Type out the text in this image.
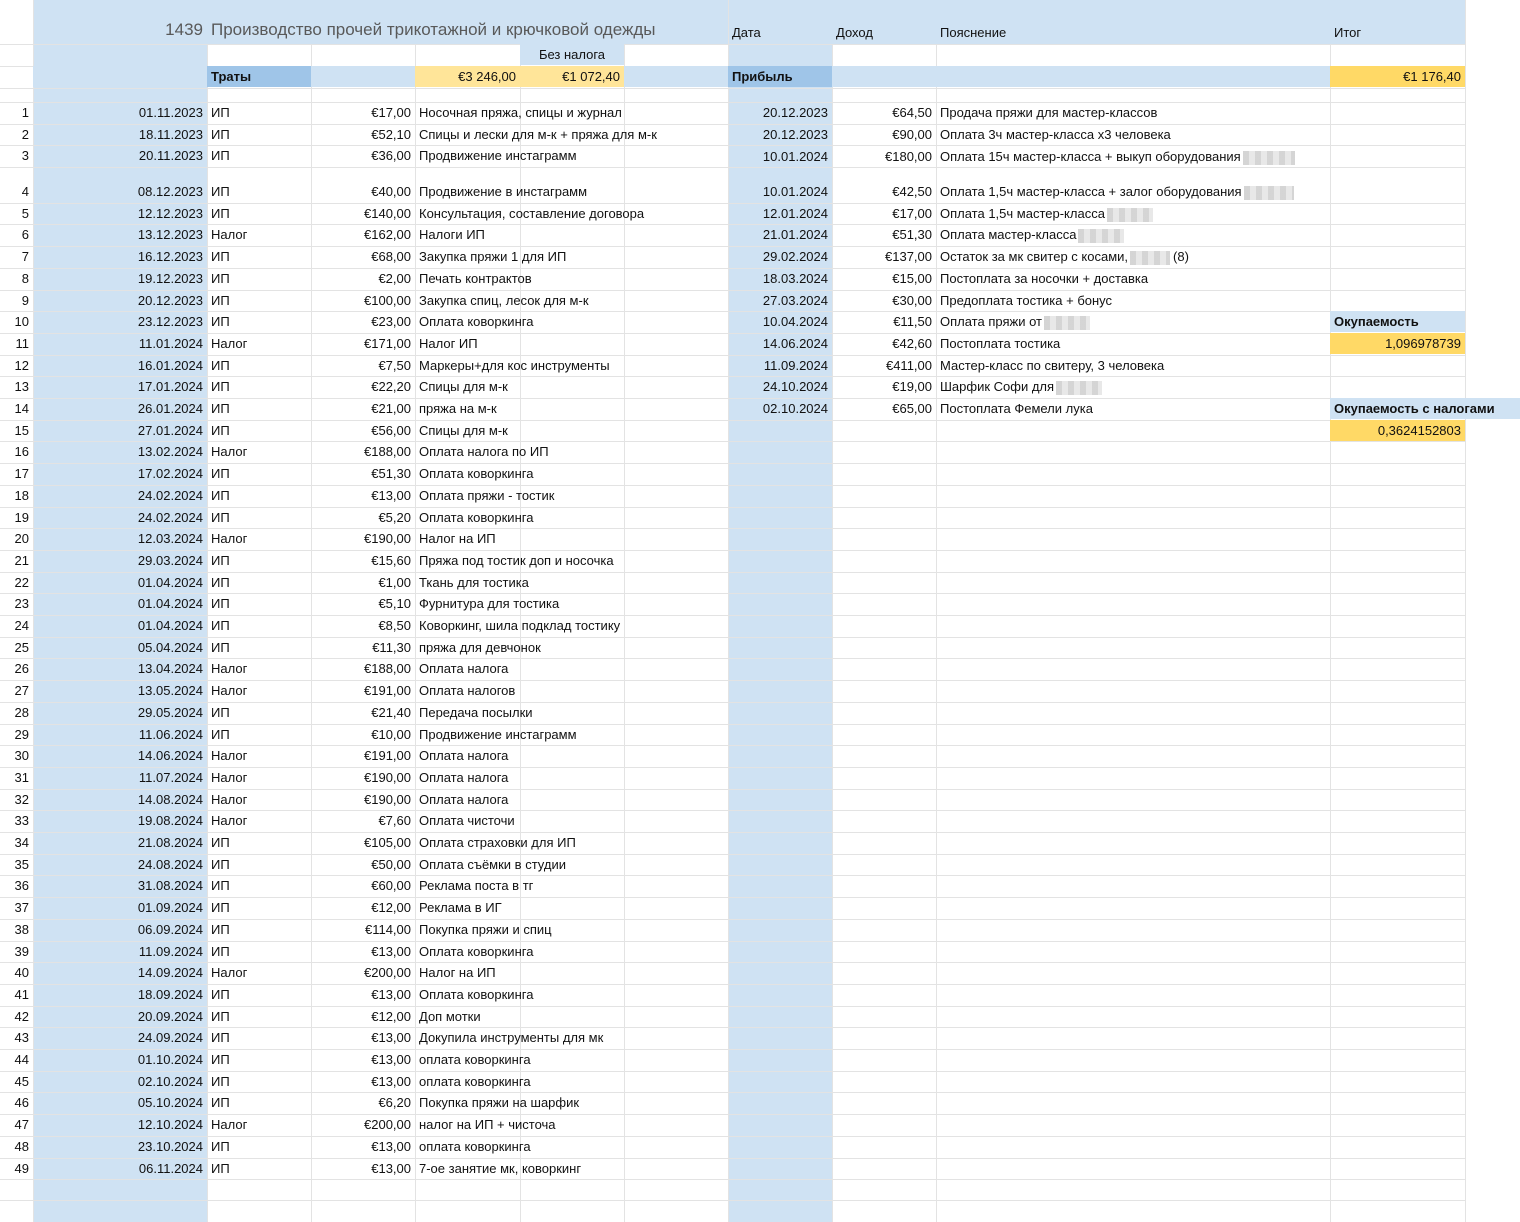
1439 Производство прочей трикотажной и крючковой одежды	Дата	Доход	Пояснение	Итог
Без налога
Траты	€3 246,00	€1 072,40	Прибыль	€1 176,40
Окупаемость
1,096978739
Окупаемость с налогами
0,3624152803
1	01.11.2023 ИП	€17,00 Носочная пряжа, спицы и журнал
2	18.11.2023 ИП	€52,10 Спицы и лески для м-к + пряжа для м-к
3	20.11.2023 ИП	€36,00 Продвижение инстаграмм
4	08.12.2023 ИП	€40,00 Продвижение в инстаграмм
5	12.12.2023 ИП	€140,00 Консультация, составление договора
6	13.12.2023 Налог	€162,00 Налоги ИП
7	16.12.2023 ИП	€68,00 Закупка пряжи 1 для ИП
8	19.12.2023 ИП	€2,00 Печать контрактов
9	20.12.2023 ИП	€100,00 Закупка спиц, лесок для м-к
10	23.12.2023 ИП	€23,00 Оплата коворкинга
11	11.01.2024 Налог	€171,00 Налог ИП
12	16.01.2024 ИП	€7,50 Маркеры+для кос инструменты
13	17.01.2024 ИП	€22,20 Спицы для м-к
14	26.01.2024 ИП	€21,00 пряжа на м-к
15	27.01.2024 ИП	€56,00 Спицы для м-к
16	13.02.2024 Налог	€188,00 Оплата налога по ИП
17	17.02.2024 ИП	€51,30 Оплата коворкинга
18	24.02.2024 ИП	€13,00 Оплата пряжи - тостик
19	24.02.2024 ИП	€5,20 Оплата коворкинга
20	12.03.2024 Налог	€190,00 Налог на ИП
21	29.03.2024 ИП	€15,60 Пряжа под тостик доп и носочка
22	01.04.2024 ИП	€1,00 Ткань для тостика
23	01.04.2024 ИП	€5,10 Фурнитура для тостика
24	01.04.2024 ИП	€8,50 Коворкинг, шила подклад тостику
25	05.04.2024 ИП	€11,30 пряжа для девчонок
26	13.04.2024 Налог	€188,00 Оплата налога
27	13.05.2024 Налог	€191,00 Оплата налогов
28	29.05.2024 ИП	€21,40 Передача посылки
29	11.06.2024 ИП	€10,00 Продвижение инстаграмм
30	14.06.2024 Налог	€191,00 Оплата налога
31	11.07.2024 Налог	€190,00 Оплата налога
32	14.08.2024 Налог	€190,00 Оплата налога
33	19.08.2024 Налог	€7,60 Оплата чисточи
34	21.08.2024 ИП	€105,00 Оплата страховки для ИП
35	24.08.2024 ИП	€50,00 Оплата съёмки в студии
36	31.08.2024 ИП	€60,00 Реклама поста в тг
37	01.09.2024 ИП	€12,00 Реклама в ИГ
38	06.09.2024 ИП	€114,00 Покупка пряжи и спиц
39	11.09.2024 ИП	€13,00 Оплата коворкинга
40	14.09.2024 Налог	€200,00 Налог на ИП
41	18.09.2024 ИП	€13,00 Оплата коворкинга
42	20.09.2024 ИП	€12,00 Доп мотки
43	24.09.2024 ИП	€13,00 Докупила инструменты для мк
44	01.10.2024 ИП	€13,00 оплата коворкинга
45	02.10.2024 ИП	€13,00 оплата коворкинга
46	05.10.2024 ИП	€6,20 Покупка пряжи на шарфик
47	12.10.2024 Налог	€200,00 налог на ИП + чисточа
48	23.10.2024 ИП	€13,00 оплата коворкинга
49	06.11.2024 ИП	€13,00 7-ое занятие мк, коворкинг
20.12.2023	€64,50 Продача пряжи для мастер-классов
20.12.2023	€90,00 Оплата 3ч мастер-класса х3 человека
10.01.2024	€180,00 Оплата 15ч мастер-класса + выкуп оборудования
10.01.2024	€42,50 Оплата 1,5ч мастер-класса + залог оборудования
12.01.2024	€17,00 Оплата 1,5ч мастер-класса
21.01.2024	€51,30 Оплата мастер-класса
29.02.2024	€137,00 Остаток за мк свитер с косами,	(8)
18.03.2024	€15,00 Постоплата за носочки + доставка
27.03.2024	€30,00 Предоплата тостика + бонус
10.04.2024	€11,50 Оплата пряжи от
14.06.2024	€42,60 Постоплата тостика
11.09.2024	€411,00 Мастер-класс по свитеру, 3 человека
24.10.2024	€19,00 Шарфик Софи для
02.10.2024	€65,00 Постоплата Фемели лука
